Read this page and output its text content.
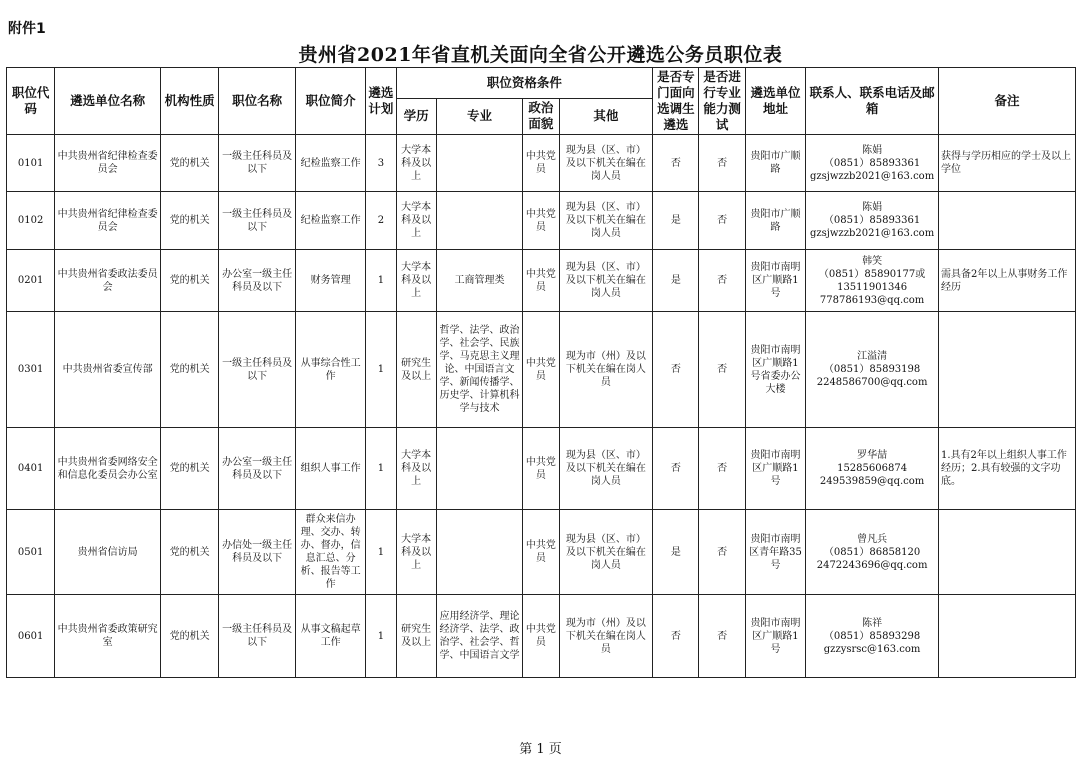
附件1
贵州省2021年省直机关面向全省公开遴选公务员职位表
职位代码	遴选单位名称	机构性质	职位名称	职位简介	遴选计划	职位资格条件				是否专门面向选调生遴选	是否进行专业能力测试	遴选单位地址	联系人、联系电话及邮箱	备注
						学历	专业	政治面貌	其他					
0101	中共贵州省纪律检查委员会	党的机关	一级主任科员及以下	纪检监察工作	3	大学本科及以上		中共党员	现为县（区、市）及以下机关在编在岗人员	否	否	贵阳市广顺路	陈娟
（0851）85893361
gzsjwzzb2021@163.com	获得与学历相应的学士及以上学位
0102	中共贵州省纪律检查委员会	党的机关	一级主任科员及以下	纪检监察工作	2	大学本科及以上		中共党员	现为县（区、市）及以下机关在编在岗人员	是	否	贵阳市广顺路	陈娟
（0851）85893361
gzsjwzzb2021@163.com	

0201	中共贵州省委政法委员会	党的机关	办公室一级主任科员及以下	财务管理	1	大学本科及以上	工商管理类	中共党员	现为县（区、市）及以下机关在编在岗人员	是	否	贵阳市南明区广顺路1号	韩笑
（0851）85890177或13511901346
778786193@qq.com	需具备2年以上从事财务工作经历
0301	中共贵州省委宣传部	党的机关	一级主任科员及以下	从事综合性工作	1	研究生及以上	哲学、法学、政治学、社会学、民族学、马克思主义理论、中国语言文学、新闻传播学、历史学、计算机科学与技术	中共党员	现为市（州）及以下机关在编在岗人员	否	否	贵阳市南明区广顺路1号省委办公大楼	江溢清
（0851）85893198
2248586700@qq.com	

0401	中共贵州省委网络安全和信息化委员会办公室	党的机关	办公室一级主任科员及以下	组织人事工作	1	大学本科及以上		中共党员	现为县（区、市）及以下机关在编在岗人员	否	否	贵阳市南明区广顺路1号	罗华喆
15285606874
249539859@qq.com	1.具有2年以上组织人事工作经历；2.具有较强的文字功底。
0501	贵州省信访局	党的机关	办信处一级主任科员及以下	群众来信办理、交办、转办、督办，信息汇总、分析、报告等工作	1	大学本科及以上		中共党员	现为县（区、市）及以下机关在编在岗人员	是	否	贵阳市南明区青年路35号	曾凡兵
（0851）86858120
2472243696@qq.com	

0601	中共贵州省委政策研究室	党的机关	一级主任科员及以下	从事文稿起草工作	1	研究生及以上	应用经济学、理论经济学、法学、政治学、社会学、哲学、中国语言文学	中共党员	现为市（州）及以下机关在编在岗人员	否	否	贵阳市南明区广顺路1号	陈祥
（0851）85893298
gzzysrsc@163.com	

第 1 页
